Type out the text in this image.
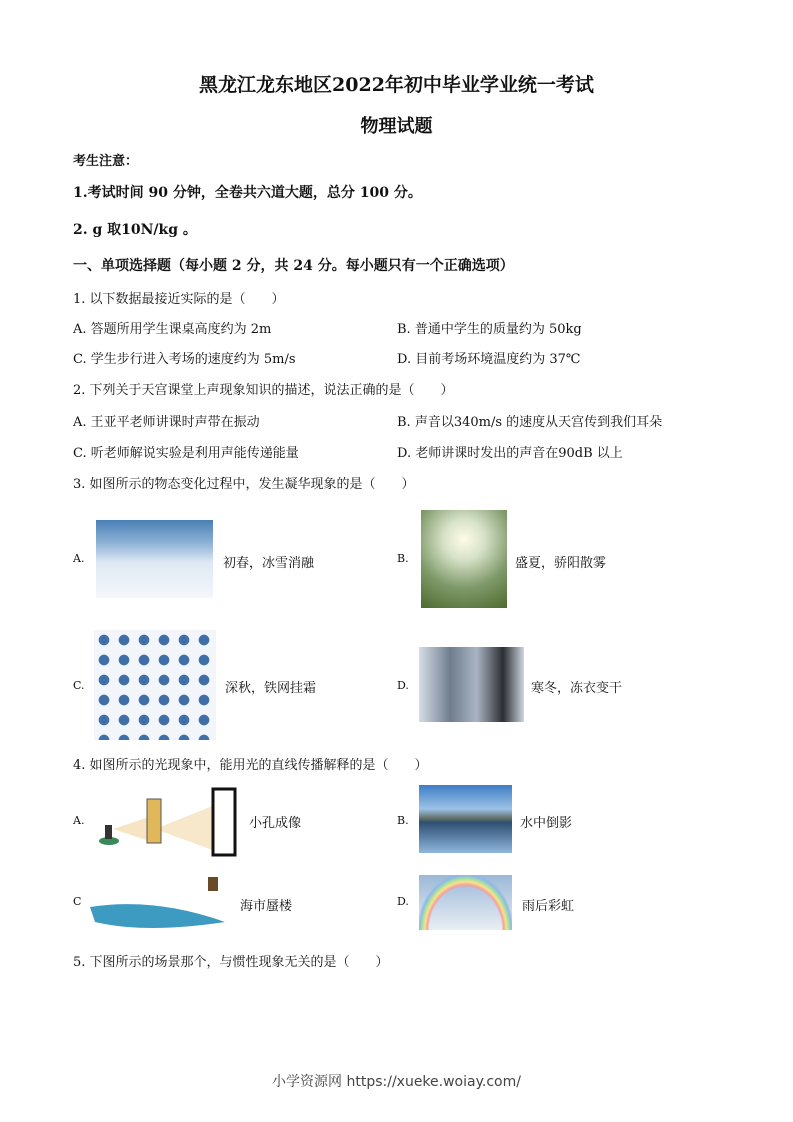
黑龙江龙东地区2022年初中毕业学业统一考试
物理试题
考生注意：
1.考试时间 90 分钟，全卷共六道大题，总分 100 分。
2. g 取10N/kg 。
一、单项选择题（每小题 2 分，共 24 分。每小题只有一个正确选项）
1. 以下数据最接近实际的是（　　）
A. 答题所用学生课桌高度约为 2m	B. 普通中学生的质量约为 50kg
C. 学生步行进入考场的速度约为 5m/s	D. 目前考场环境温度约为 37℃
2. 下列关于天宫课堂上声现象知识的描述，说法正确的是（　　）
A. 王亚平老师讲课时声带在振动	B. 声音以340m/s 的速度从天宫传到我们耳朵
C. 听老师解说实验是利用声能传递能量	D. 老师讲课时发出的声音在90dB 以上
3. 如图所示的物态变化过程中，发生凝华现象的是（　　）
A.	初春，冰雪消融	B.	盛夏，骄阳散雾
C.	深秋，铁网挂霜	D.	寒冬，冻衣变干
4. 如图所示的光现象中，能用光的直线传播解释的是（　　）
A.	小孔成像	B.	水中倒影
C	海市蜃楼	D.	雨后彩虹
5. 下图所示的场景那个，与惯性现象无关的是（　　）
小学资源网 https://xueke.woiay.com/
